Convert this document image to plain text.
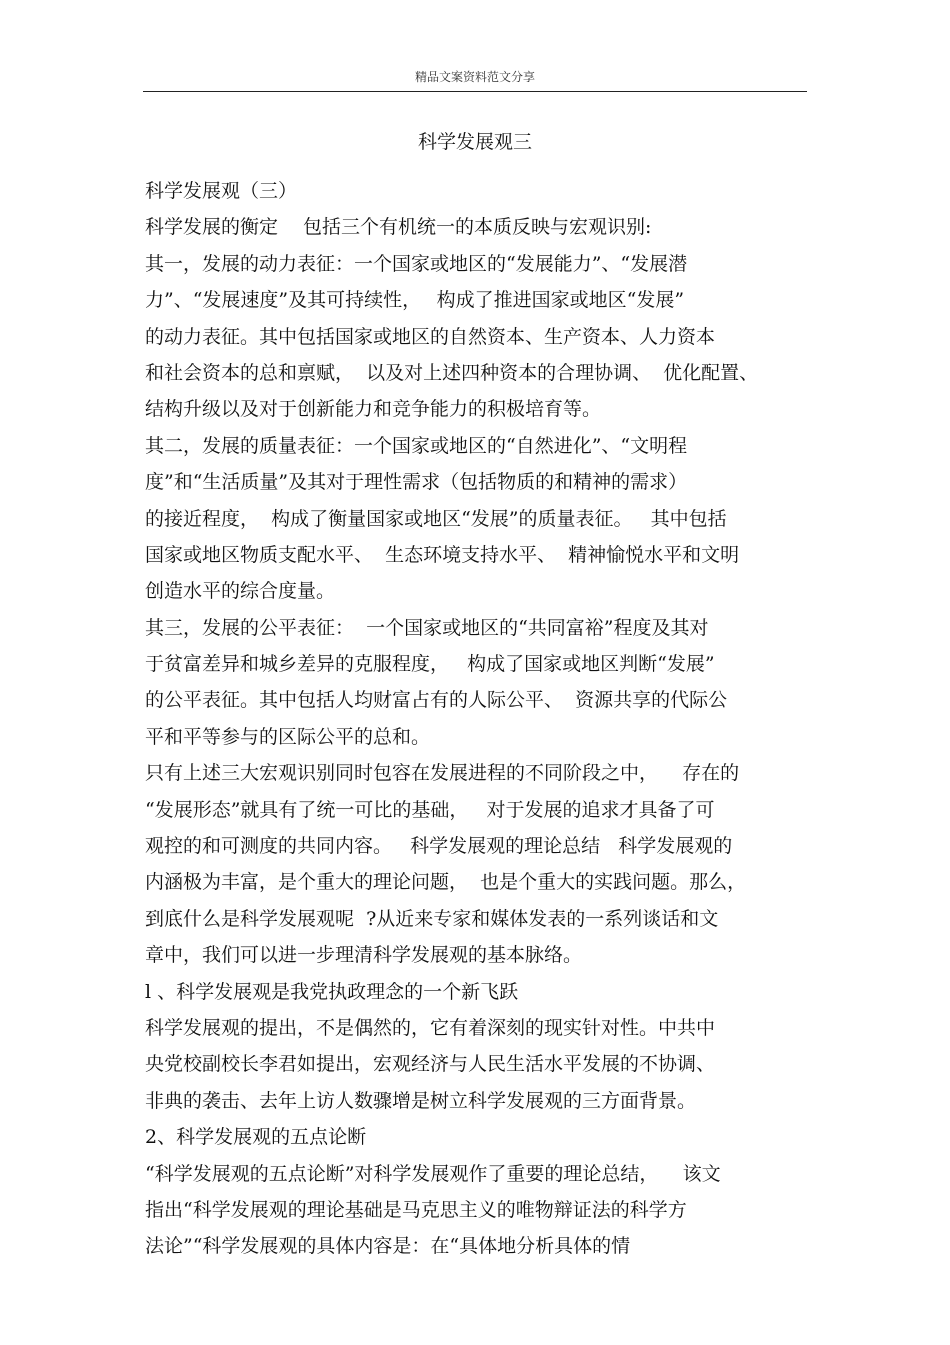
精品文案资料范文分享
科学发展观三
科学发展观（三）
科学发展的衡定　 包括三个有机统一的本质反映与宏观识别:
其一，发展的动力表征：一个国家或地区的“发展能力”、“发展潜
力”、“发展速度”及其可持续性，　 构成了推进国家或地区“发展”
的动力表征。其中包括国家或地区的自然资本、生产资本、人力资本
和社会资本的总和禀赋，  以及对上述四种资本的合理协调、  优化配置、
结构升级以及对于创新能力和竞争能力的积极培育等。
其二，发展的质量表征：一个国家或地区的“自然进化”、“文明程
度”和“生活质量”及其对于理性需求（包括物质的和精神的需求）
的接近程度，  构成了衡量国家或地区“发展”的质量表征。   其中包括
国家或地区物质支配水平、  生态环境支持水平、  精神愉悦水平和文明
创造水平的综合度量。
其三，发展的公平表征：  一个国家或地区的“共同富裕”程度及其对
于贫富差异和城乡差异的克服程度，   构成了国家或地区判断“发展”
的公平表征。其中包括人均财富占有的人际公平、  资源共享的代际公
平和平等参与的区际公平的总和。
只有上述三大宏观识别同时包容在发展进程的不同阶段之中，    存在的
“发展形态”就具有了统一可比的基础，   对于发展的追求才具备了可
观控的和可测度的共同内容。   科学发展观的理论总结   科学发展观的
内涵极为丰富，是个重大的理论问题，  也是个重大的实践问题。那么，
到底什么是科学发展观呢  ?从近来专家和媒体发表的一系列谈话和文
章中，我们可以进一步理清科学发展观的基本脉络。
l 、科学发展观是我党执政理念的一个新飞跃
科学发展观的提出，不是偶然的，它有着深刻的现实针对性。中共中
央党校副校长李君如提出，宏观经济与人民生活水平发展的不协调、
非典的袭击、去年上访人数骤增是树立科学发展观的三方面背景。
2、科学发展观的五点论断
“科学发展观的五点论断”对科学发展观作了重要的理论总结，    该文
指出“科学发展观的理论基础是马克思主义的唯物辩证法的科学方
法论”“科学发展观的具体内容是：在“具体地分析具体的情
